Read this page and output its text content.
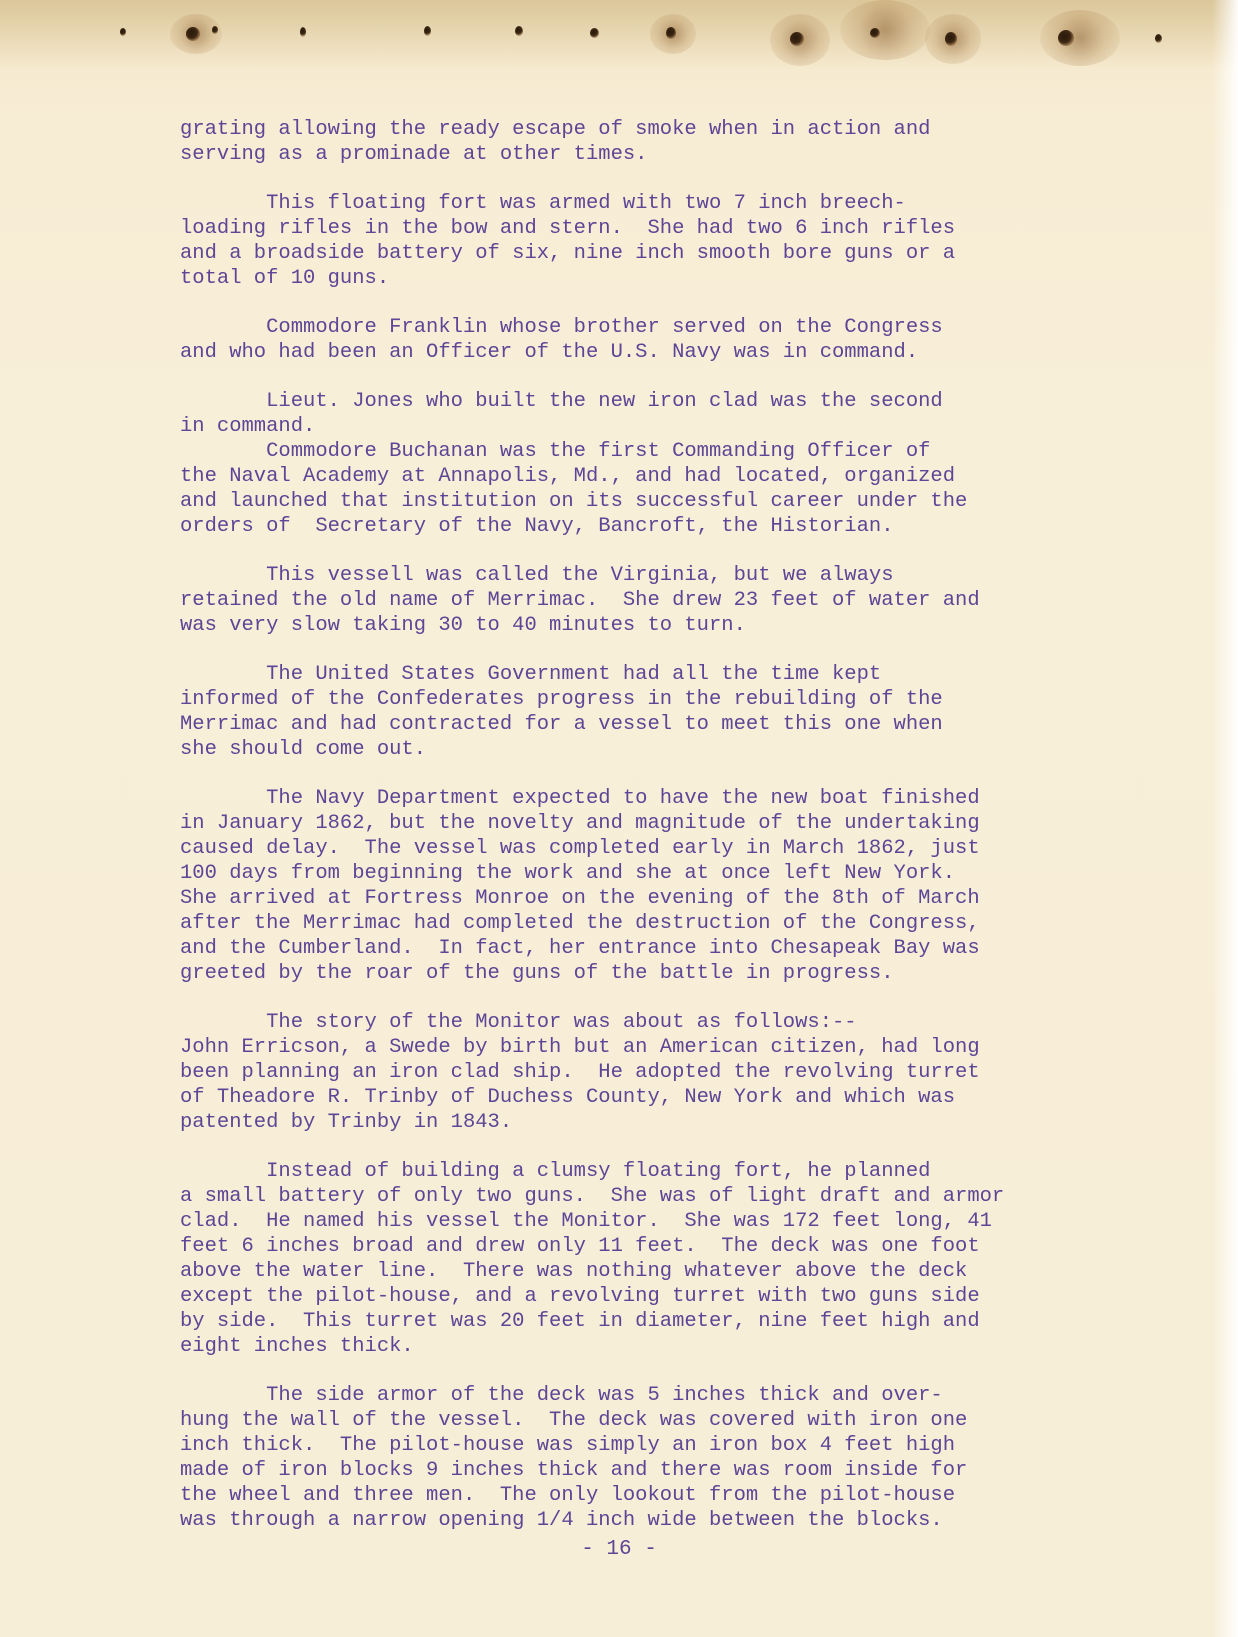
grating allowing the ready escape of smoke when in action and
serving as a prominade at other times.
This floating fort was armed with two 7 inch breech-
loading rifles in the bow and stern.  She had two 6 inch rifles
and a broadside battery of six, nine inch smooth bore guns or a
total of 10 guns.
Commodore Franklin whose brother served on the Congress
and who had been an Officer of the U.S. Navy was in command.
Lieut. Jones who built the new iron clad was the second
in command.
Commodore Buchanan was the first Commanding Officer of
the Naval Academy at Annapolis, Md., and had located, organized
and launched that institution on its successful career under the
orders of  Secretary of the Navy, Bancroft, the Historian.
This vessell was called the Virginia, but we always
retained the old name of Merrimac.  She drew 23 feet of water and
was very slow taking 30 to 40 minutes to turn.
The United States Government had all the time kept
informed of the Confederates progress in the rebuilding of the
Merrimac and had contracted for a vessel to meet this one when
she should come out.
The Navy Department expected to have the new boat finished
in January 1862, but the novelty and magnitude of the undertaking
caused delay.  The vessel was completed early in March 1862, just
100 days from beginning the work and she at once left New York.
She arrived at Fortress Monroe on the evening of the 8th of March
after the Merrimac had completed the destruction of the Congress,
and the Cumberland.  In fact, her entrance into Chesapeak Bay was
greeted by the roar of the guns of the battle in progress.
The story of the Monitor was about as follows:--
John Erricson, a Swede by birth but an American citizen, had long
been planning an iron clad ship.  He adopted the revolving turret
of Theadore R. Trinby of Duchess County, New York and which was
patented by Trinby in 1843.
Instead of building a clumsy floating fort, he planned
a small battery of only two guns.  She was of light draft and armor
clad.  He named his vessel the Monitor.  She was 172 feet long, 41
feet 6 inches broad and drew only 11 feet.  The deck was one foot
above the water line.  There was nothing whatever above the deck
except the pilot-house, and a revolving turret with two guns side
by side.  This turret was 20 feet in diameter, nine feet high and
eight inches thick.
The side armor of the deck was 5 inches thick and over-
hung the wall of the vessel.  The deck was covered with iron one
inch thick.  The pilot-house was simply an iron box 4 feet high
made of iron blocks 9 inches thick and there was room inside for
the wheel and three men.  The only lookout from the pilot-house
was through a narrow opening 1/4 inch wide between the blocks.
- 16 -
